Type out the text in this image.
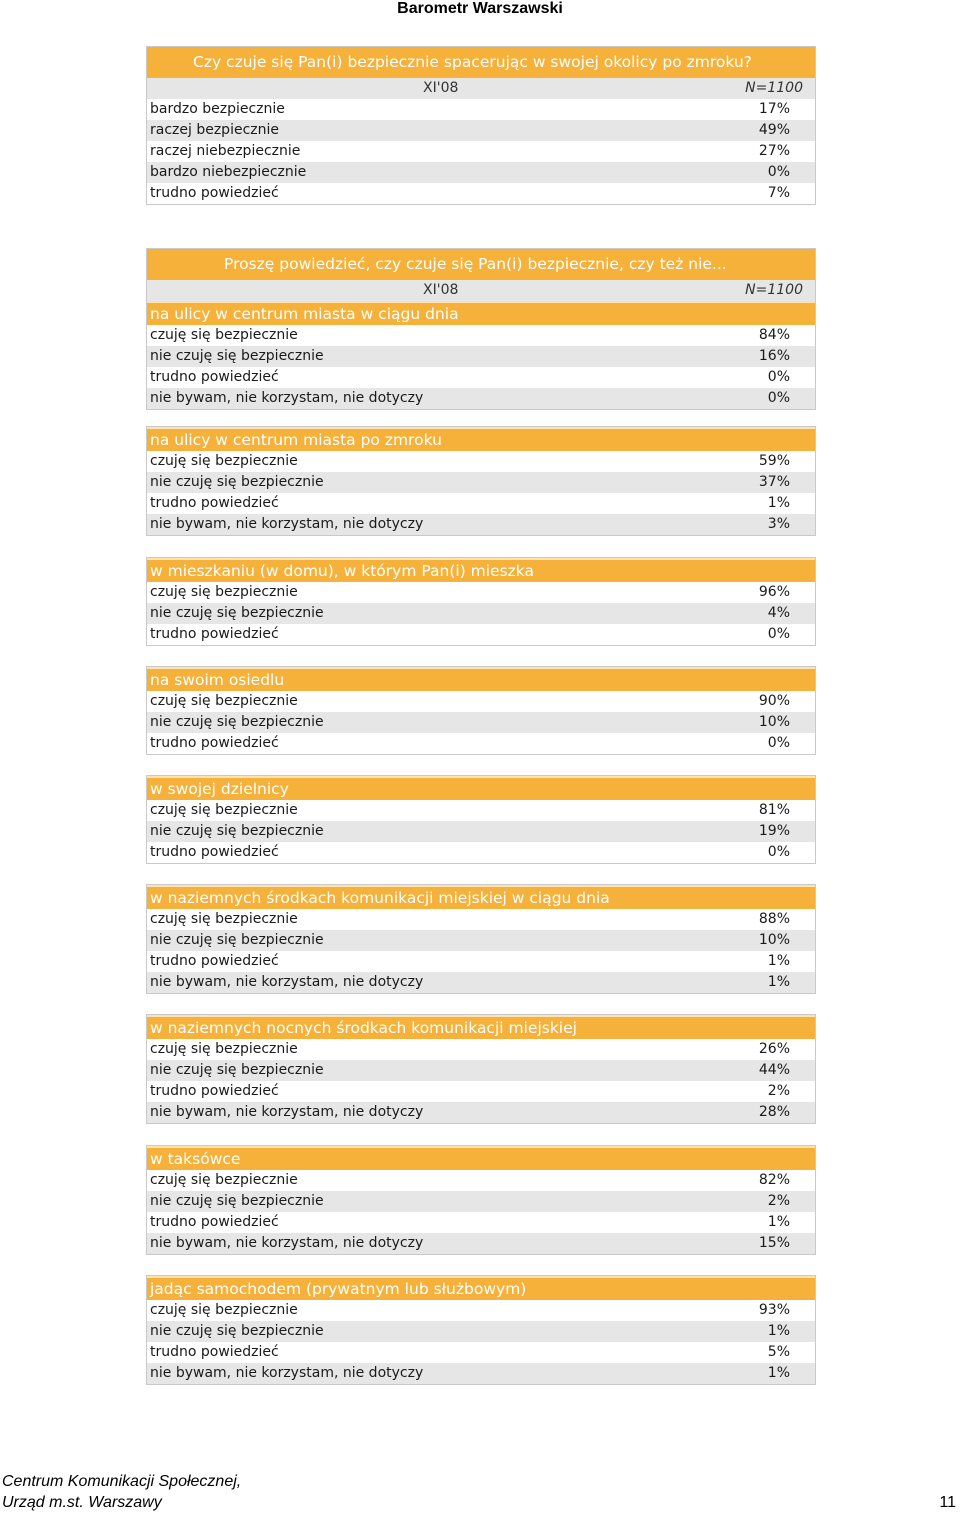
Barometr Warszawski
Czy czuje się Pan(i) bezpiecznie spacerując w swojej okolicy po zmroku?
XI'08	N=1100
bardzo bezpiecznie	17%
raczej bezpiecznie	49%
raczej niebezpiecznie	27%
bardzo niebezpiecznie	0%
trudno powiedzieć	7%
Proszę powiedzieć, czy czuje się Pan(i) bezpiecznie, czy też nie...
XI'08	N=1100
na ulicy w centrum miasta w ciągu dnia
czuję się bezpiecznie	84%
nie czuję się bezpiecznie	16%
trudno powiedzieć	0%
nie bywam, nie korzystam, nie dotyczy	0%
na ulicy w centrum miasta po zmroku
czuję się bezpiecznie	59%
nie czuję się bezpiecznie	37%
trudno powiedzieć	1%
nie bywam, nie korzystam, nie dotyczy	3%
w mieszkaniu (w domu), w którym Pan(i) mieszka
czuję się bezpiecznie	96%
nie czuję się bezpiecznie	4%
trudno powiedzieć	0%
na swoim osiedlu
czuję się bezpiecznie	90%
nie czuję się bezpiecznie	10%
trudno powiedzieć	0%
w swojej dzielnicy
czuję się bezpiecznie	81%
nie czuję się bezpiecznie	19%
trudno powiedzieć	0%
w naziemnych środkach komunikacji miejskiej w ciągu dnia
czuję się bezpiecznie	88%
nie czuję się bezpiecznie	10%
trudno powiedzieć	1%
nie bywam, nie korzystam, nie dotyczy	1%
w naziemnych nocnych środkach komunikacji miejskiej
czuję się bezpiecznie	26%
nie czuję się bezpiecznie	44%
trudno powiedzieć	2%
nie bywam, nie korzystam, nie dotyczy	28%
w taksówce
czuję się bezpiecznie	82%
nie czuję się bezpiecznie	2%
trudno powiedzieć	1%
nie bywam, nie korzystam, nie dotyczy	15%
jadąc samochodem (prywatnym lub służbowym)
czuję się bezpiecznie	93%
nie czuję się bezpiecznie	1%
trudno powiedzieć	5%
nie bywam, nie korzystam, nie dotyczy	1%
Centrum Komunikacji Społecznej,
Urząd m.st. Warszawy	11
